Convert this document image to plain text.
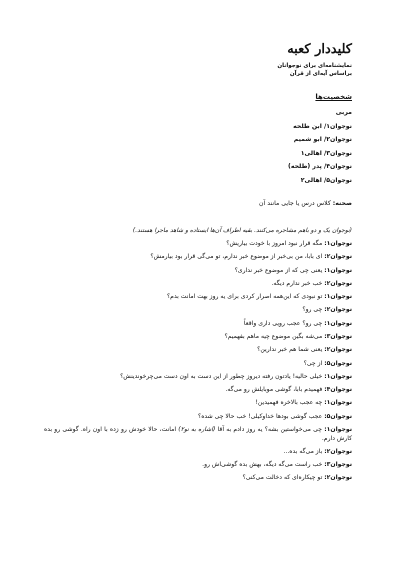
کلیددار کعبه

نمایشنامه‌ای برای نوجوانان

براساس آیه‌ای از قرآن

شخصیت‌ها
مربی
نوجوان۱/ ابن طلحه
نوجوان۲/ ابو شمیم
نوجوان۳/ اهالی۱
نوجوان۴/ پدر (طلحه)
نوجوان۵/ اهالی۲

صحنه: کلاس درس یا جایی مانند آن

(نوجوان یک و دو باهم مشاجره می‌کنند. بقیه اطراف آن‌ها ایستاده و شاهد ماجرا هستند.)

نوجوان۱: مگه قرار نبود امروز با خودت بیاریش؟

نوجوان۲: ای بابا، من بی‌خبر از موضوع خبر ندارم، تو می‌گی قرار بود بیارمش؟

نوجوان۱: یعنی چی که از موضوع خبر نداری؟

نوجوان۲: خب خبر ندارم دیگه.

نوجوان۱: تو نبودی که این‌همه اصرار کردی برای یه روز بهت امانت بدم؟

نوجوان۲: چی رو؟

نوجوان۱: چی رو؟ عجب رویی داری واقعاً

نوجوان۳: می‌شه بگین موضوع چیه ماهم بفهمیم؟

نوجوان۲: یعنی شما هم خبر ندارین؟

نوجوان۵: از چی؟

نوجوان۱: خیلی حالیه! یادتون رفته دیروز چطور از این دست به اون دست می‌چرخوندینش؟

نوجوان۴: فهمیدم بابا، گوشی موبایلش رو می‌گه.

نوجوان۱: چه عجب بالاخره فهمیدین!

نوجوان۵: عجب گوشی بودها خداوکیلی! خب حالا چی شده؟

نوجوان۱: چی می‌خواستین بشه؟ یه روز دادم به آقا (اشاره به نو۲) امانت، حالا خودش رو زده با اون راه. گوشی رو بده کارش دارم.

نوجوان۲: باز می‌گه بده...

نوجوان۳: خب راست می‌گه دیگه، بهش بده گوشی‌اش رو.

نوجوان۲: تو چیکاره‌ای که دخالت می‌کنی؟
